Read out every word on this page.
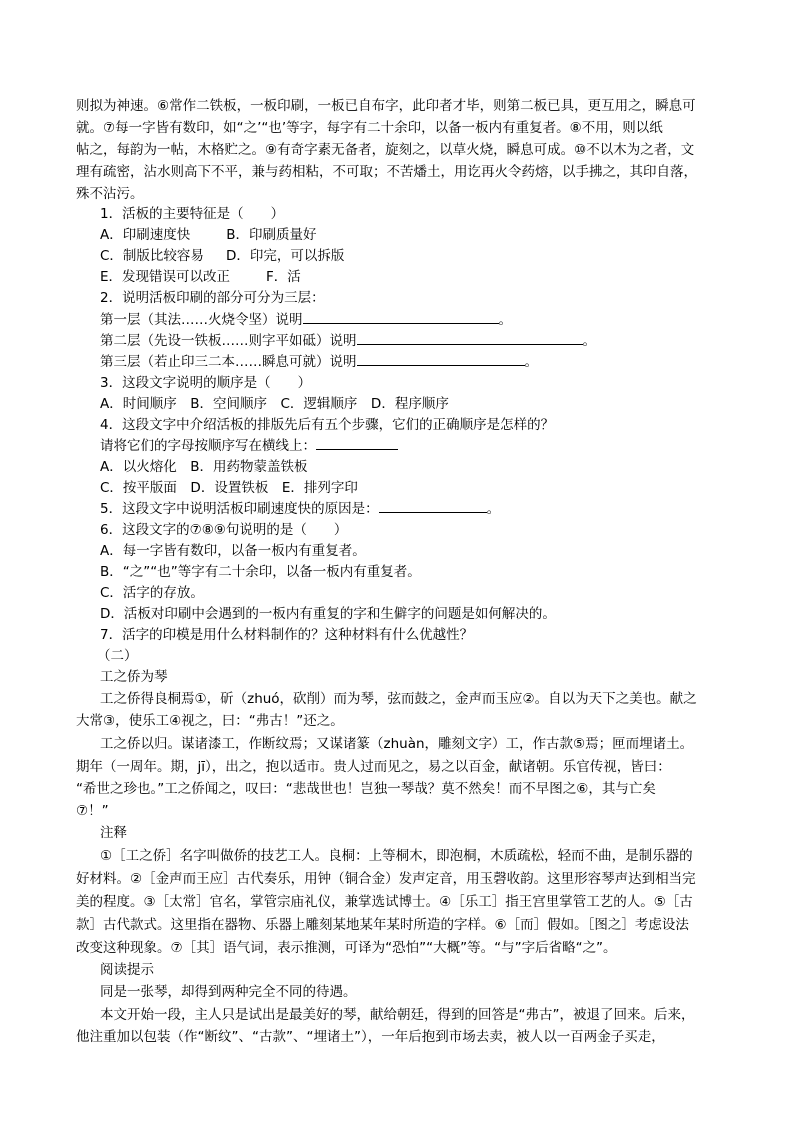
则拟为神速。⑥常作二铁板，一板印刷，一板已自布字，此印者才毕，则第二板已具，更互用之，瞬息可
就。⑦每一字皆有数印，如“之’“也’等字，每字有二十余印，以备一板内有重复者。⑧不用，则以纸
帖之，每韵为一帖，木格贮之。⑨有奇字素无备者，旋刻之，以草火烧，瞬息可成。⑩不以木为之者，文
理有疏密，沾水则高下不平，兼与药相粘，不可取；不苦燔土，用讫再火令药熔，以手拂之，其印自落，
殊不沾污。
1．活板的主要特征是（　　）
A．印刷速度快	B．印刷质量好
C．制版比较容易 D．印完，可以拆版
E．发现错误可以改正	F．活
2．说明活板印刷的部分可分为三层：
第一层（其法……火烧令坚）说明	。
第二层（先设一铁板……则字平如砥）说明	。
第三层（若止印三二本……瞬息可就）说明	。
3．这段文字说明的顺序是（　　）
A．时间顺序　B．空间顺序　C．逻辑顺序　D．程序顺序
4．这段文字中介绍活板的排版先后有五个步骤，它们的正确顺序是怎样的？
请将它们的字母按顺序写在横线上：
A．以火熔化　B．用药物蒙盖铁板
C．按平版面　D．设置铁板　E．排列字印
5．这段文字中说明活板印刷速度快的原因是：	。
6．这段文字的⑦⑧⑨句说明的是（　　）
A．每一字皆有数印，以备一板内有重复者。
B．“之”“也”等字有二十余印，以备一板内有重复者。
C．活字的存放。
D．活板对印刷中会遇到的一板内有重复的字和生僻字的问题是如何解决的。
7．活字的印模是用什么材料制作的？这种材料有什么优越性？
（二）
工之侨为琴
工之侨得良桐焉①，斫（zhuó，砍削）而为琴，弦而鼓之，金声而玉应②。自以为天下之美也。献之
大常③，使乐工④视之，曰：“弗古！”还之。
工之侨以归。谋诸漆工，作断纹焉；又谋诸篆（zhuàn，雕刻文字）工，作古款⑤焉；匣而埋诸土。
期年（一周年。期，jī），出之，抱以适市。贵人过而见之，易之以百金，献诸朝。乐官传视，皆曰：
“希世之珍也。”工之侨闻之，叹曰：“悲哉世也！岂独一琴哉？莫不然矣！而不早图之⑥，其与亡矣
⑦！”
注释
①［工之侨］名字叫做侨的技艺工人。良桐：上等桐木，即泡桐，木质疏松，轻而不曲，是制乐器的
好材料。②［金声而王应］古代奏乐，用钟（铜合金）发声定音，用玉磬收韵。这里形容琴声达到相当完
美的程度。③［太常］官名，掌管宗庙礼仪，兼掌选试博士。④［乐工］指王宫里掌管工艺的人。⑤［古
款］古代款式。这里指在器物、乐器上雕刻某地某年某时所造的字样。⑥［而］假如。［图之］考虑设法
改变这种现象。⑦［其］语气词，表示推测，可译为“恐怕”“大概”等。“与”字后省略“之”。
阅读提示
同是一张琴，却得到两种完全不同的待遇。
本文开始一段，主人只是试出是最美好的琴，献给朝廷，得到的回答是“弗古”，被退了回来。后来，
他注重加以包装（作“断纹”、“古款”、“埋诸土”），一年后抱到市场去卖，被人以一百两金子买走，
